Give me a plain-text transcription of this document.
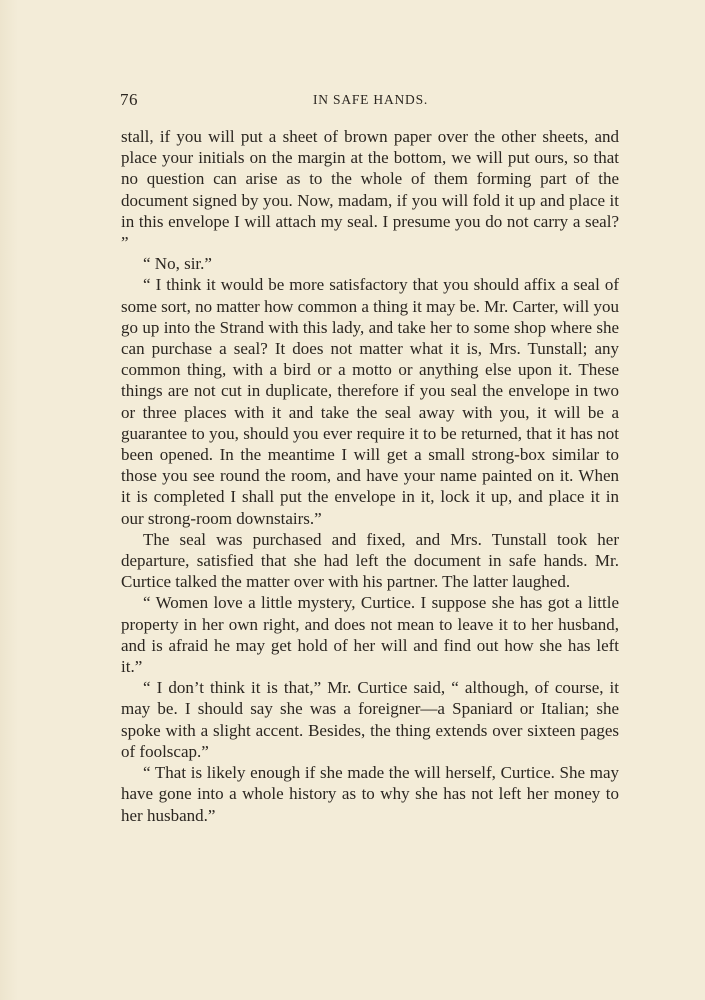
76	IN SAFE HANDS.

stall, if you will put a sheet of brown paper over the other sheets, and place your initials on the margin at the bottom, we will put ours, so that no question can arise as to the whole of them forming part of the document signed by you. Now, madam, if you will fold it up and place it in this envelope I will attach my seal. I presume you do not carry a seal? ”

“ No, sir.”

“ I think it would be more satisfactory that you should affix a seal of some sort, no matter how common a thing it may be. Mr. Carter, will you go up into the Strand with this lady, and take her to some shop where she can purchase a seal? It does not matter what it is, Mrs. Tunstall; any common thing, with a bird or a motto or anything else upon it. These things are not cut in duplicate, therefore if you seal the envelope in two or three places with it and take the seal away with you, it will be a guarantee to you, should you ever require it to be returned, that it has not been opened. In the meantime I will get a small strong-box similar to those you see round the room, and have your name painted on it. When it is completed I shall put the envelope in it, lock it up, and place it in our strong-room downstairs.”

The seal was purchased and fixed, and Mrs. Tunstall took her departure, satisfied that she had left the document in safe hands. Mr. Curtice talked the matter over with his partner. The latter laughed.

“ Women love a little mystery, Curtice. I suppose she has got a little property in her own right, and does not mean to leave it to her husband, and is afraid he may get hold of her will and find out how she has left it.”

“ I don’t think it is that,” Mr. Curtice said, “ although, of course, it may be. I should say she was a foreigner—a Spaniard or Italian; she spoke with a slight accent. Besides, the thing extends over sixteen pages of foolscap.”

“ That is likely enough if she made the will herself, Curtice. She may have gone into a whole history as to why she has not left her money to her husband.”
